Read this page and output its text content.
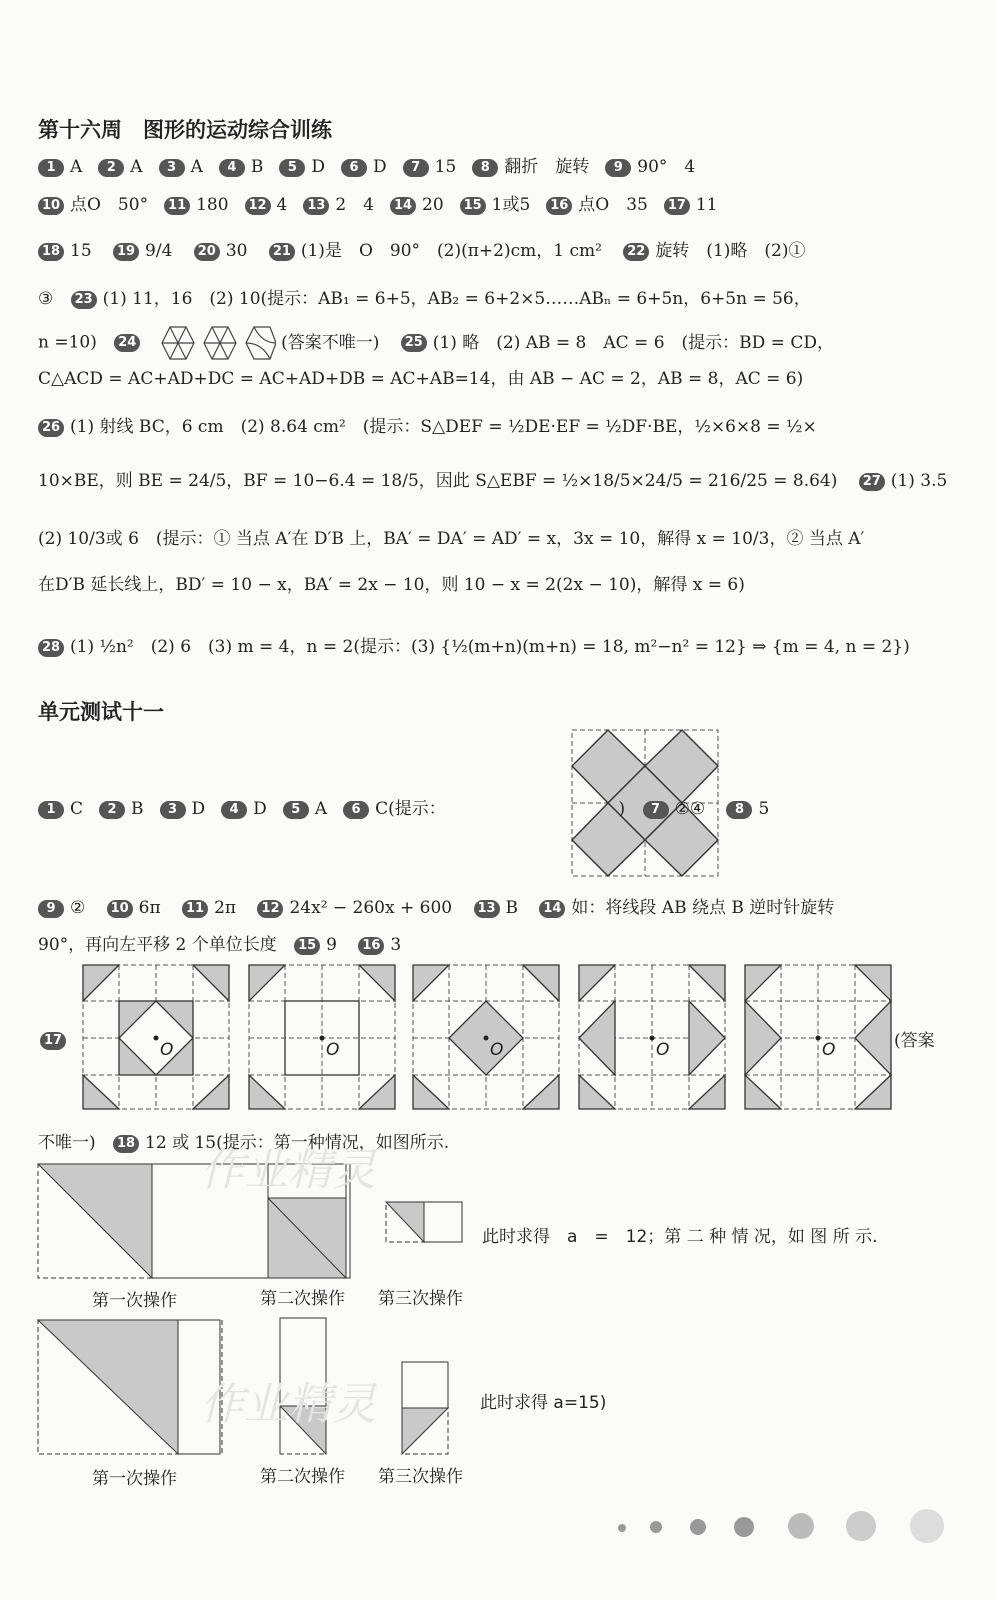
第十六周　图形的运动综合训练
1 A 2 A 3 A 4 B 5 D 6 D 7 15 8 翻折　旋转 9 90°　4
10 点O　50° 11 180 12 4 13 2　4 14 20 15 1或5 16 点O　35 17 11
18 15 19 9/4 20 30 21 (1)是　O　90°　(2)(π+2)cm，1 cm² 22 旋转　(1)略　(2)①
③ 23 (1) 11，16　(2) 10(提示：AB₁ = 6+5，AB₂ = 6+2×5……ABₙ = 6+5n，6+5n = 56，
n =10) 24	(答案不唯一) 25 (1) 略　(2) AB = 8　AC = 6　(提示：BD = CD，
C△ACD = AC+AD+DC = AC+AD+DB = AC+AB=14，由 AB − AC = 2，AB = 8，AC = 6)
26 (1) 射线 BC，6 cm　(2) 8.64 cm²　(提示：S△DEF = ½DE·EF = ½DF·BE，½×6×8 = ½×
10×BE，则 BE = 24/5，BF = 10−6.4 = 18/5，因此 S△EBF = ½×18/5×24/5 = 216/25 = 8.64) 27 (1) 3.5
(2) 10/3或 6　(提示：① 当点 A′在 D′B 上，BA′ = DA′ = AD′ = x，3x = 10，解得 x = 10/3，② 当点 A′
在D′B 延长线上，BD′ = 10 − x，BA′ = 2x − 10，则 10 − x = 2(2x − 10)，解得 x = 6)
28 (1) ½n²　(2) 6　(3) m = 4，n = 2(提示：(3) {½(m+n)(m+n) = 18, m²−n² = 12} ⇒ {m = 4, n = 2})
单元测试十一
1 C 2 B 3 D 4 D 5 A 6 C(提示：	) 7 ②④ 8 5
9 ② 10 6π 11 2π 12 24x² − 260x + 600 13 B 14 如：将线段 AB 绕点 B 逆时针旋转
90°，再向左平移 2 个单位长度 15 9 16 3
17	O	O	O	O	O	(答案
不唯一) 18 12 或 15(提示：第一种情况，如图所示.
此时求得　a　=　12；第 二 种 情 况，如 图 所 示.
第一次操作	第二次操作 第三次操作
此时求得 a=15)
第一次操作	第二次操作 第三次操作
作业精灵
作业精灵
